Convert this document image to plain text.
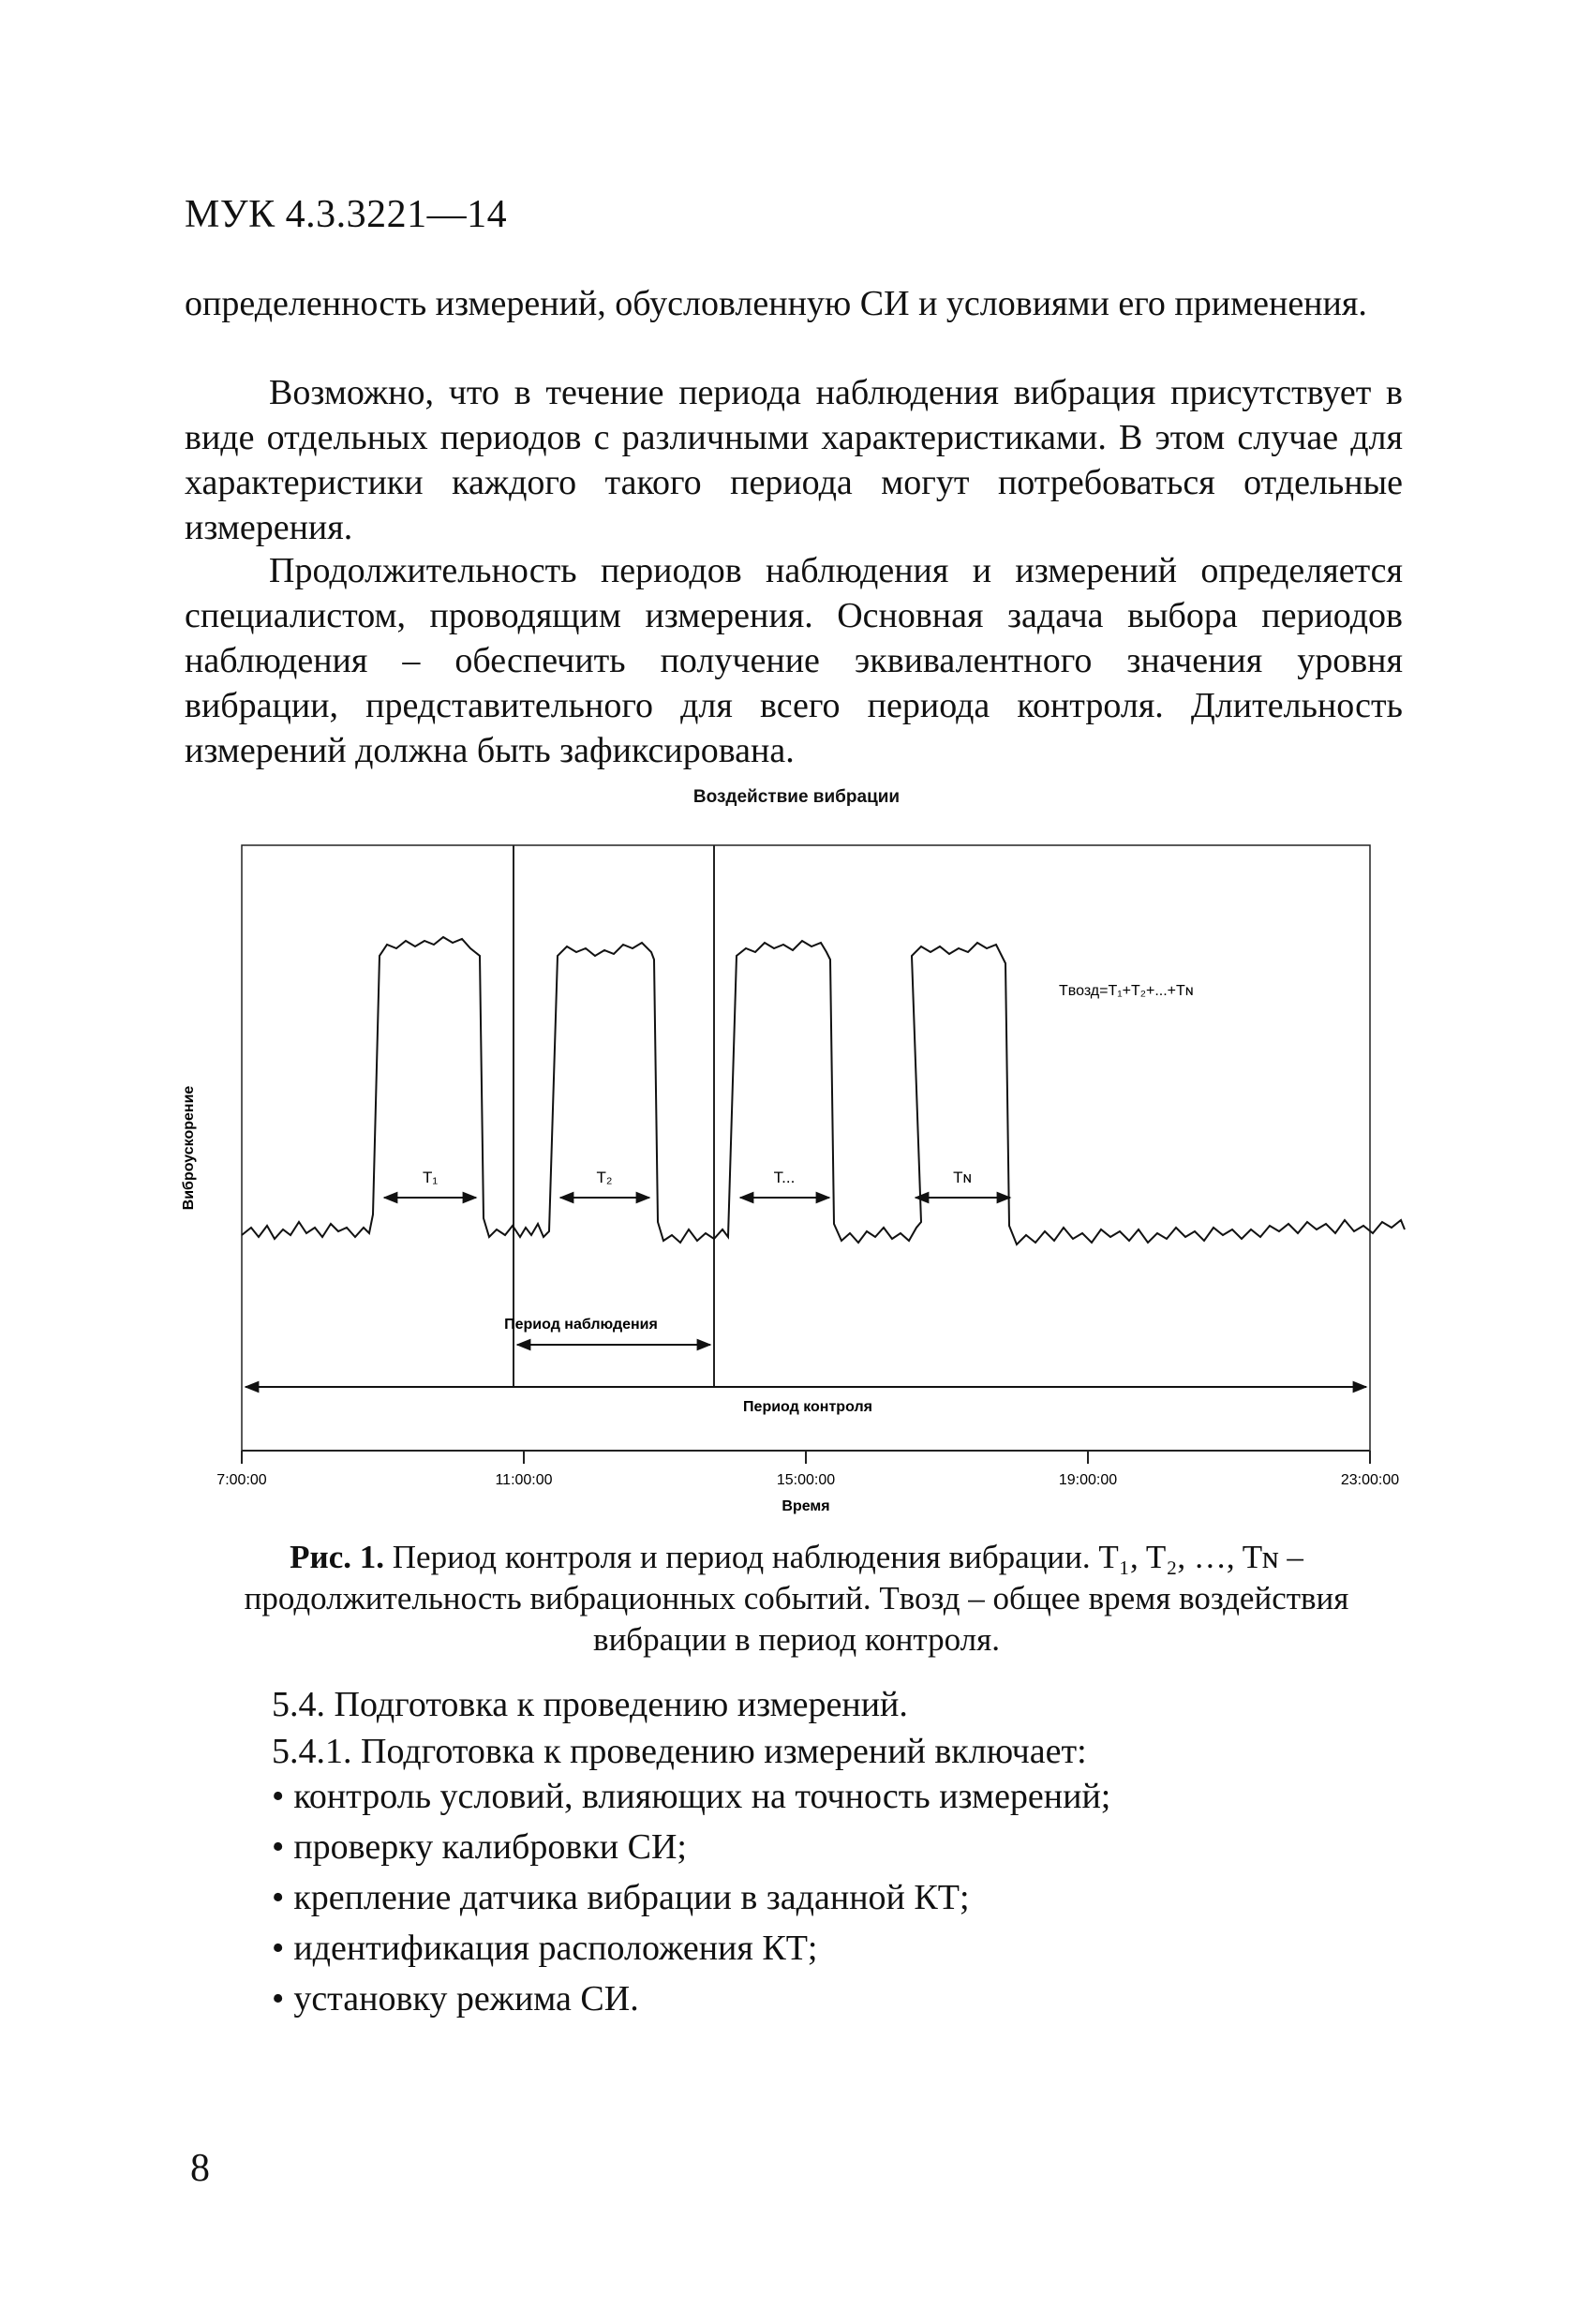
МУК 4.3.3221—14
определенность измерений, обусловленную СИ и условиями его применения.
Возможно, что в течение периода наблюдения вибрация присутствует в виде отдельных периодов с различными характеристиками. В этом случае для характеристики каждого такого периода могут потребоваться отдельные измерения.
Продолжительность периодов наблюдения и измерений определяется специалистом, проводящим измерения. Основная задача выбора периодов наблюдения – обеспечить получение эквивалентного значения уровня вибрации, представительного для всего периода контроля. Длительность измерений должна быть зафиксирована.
Воздействие вибрации
T₁	T₂	T...	Tɴ
Tвозд=T₁+T₂+...+Tɴ
Период наблюдения
Период контроля
Виброускорение
7:00:00	11:00:00	15:00:00	19:00:00	23:00:00
Время
Рис. 1. Период контроля и период наблюдения вибрации. T₁, T₂, …, Tɴ – продолжительность вибрационных событий. Tвозд – общее время воздействия вибрации в период контроля.
5.4. Подготовка к проведению измерений.
5.4.1. Подготовка к проведению измерений включает:
• контроль условий, влияющих на точность измерений;
• проверку калибровки СИ;
• крепление датчика вибрации в заданной КТ;
• идентификация расположения КТ;
• установку режима СИ.
8
